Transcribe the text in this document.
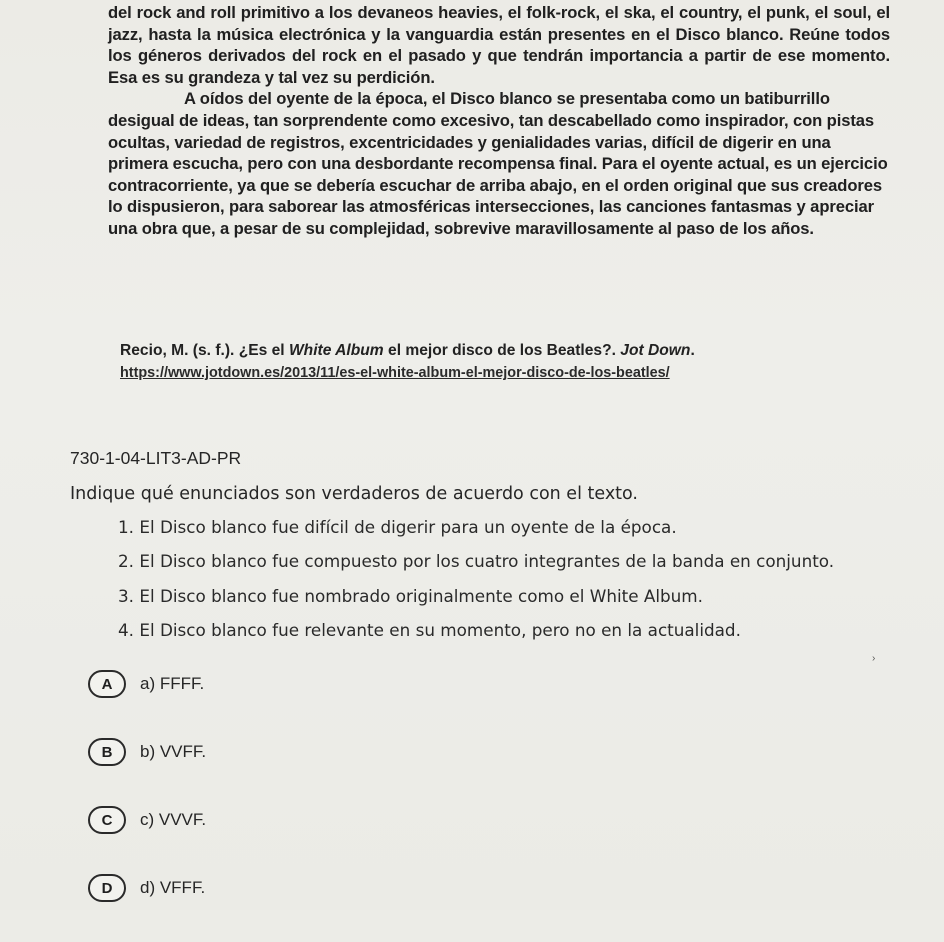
del rock and roll primitivo a los devaneos heavies, el folk-rock, el ska, el country, el punk, el soul, el jazz, hasta la música electrónica y la vanguardia están presentes en el Disco blanco. Reúne todos los géneros derivados del rock en el pasado y que tendrán importancia a partir de ese momento. Esa es su grandeza y tal vez su perdición.

A oídos del oyente de la época, el Disco blanco se presentaba como un batiburrillo desigual de ideas, tan sorprendente como excesivo, tan descabellado como inspirador, con pistas ocultas, variedad de registros, excentricidades y genialidades varias, difícil de digerir en una primera escucha, pero con una desbordante recompensa final. Para el oyente actual, es un ejercicio contracorriente, ya que se debería escuchar de arriba abajo, en el orden original que sus creadores lo dispusieron, para saborear las atmosféricas intersecciones, las canciones fantasmas y apreciar una obra que, a pesar de su complejidad, sobrevive maravillosamente al paso de los años.

Recio, M. (s. f.). ¿Es el White Album el mejor disco de los Beatles?. Jot Down.
https://www.jotdown.es/2013/11/es-el-white-album-el-mejor-disco-de-los-beatles/
730-1-04-LIT3-AD-PR
Indique qué enunciados son verdaderos de acuerdo con el texto.
1. El Disco blanco fue difícil de digerir para un oyente de la época.
2. El Disco blanco fue compuesto por los cuatro integrantes de la banda en conjunto.
3. El Disco blanco fue nombrado originalmente como el White Album.
4. El Disco blanco fue relevante en su momento, pero no en la actualidad.
›
A	a) FFFF.
B	b) VVFF.
C	c) VVVF.
D	d) VFFF.
